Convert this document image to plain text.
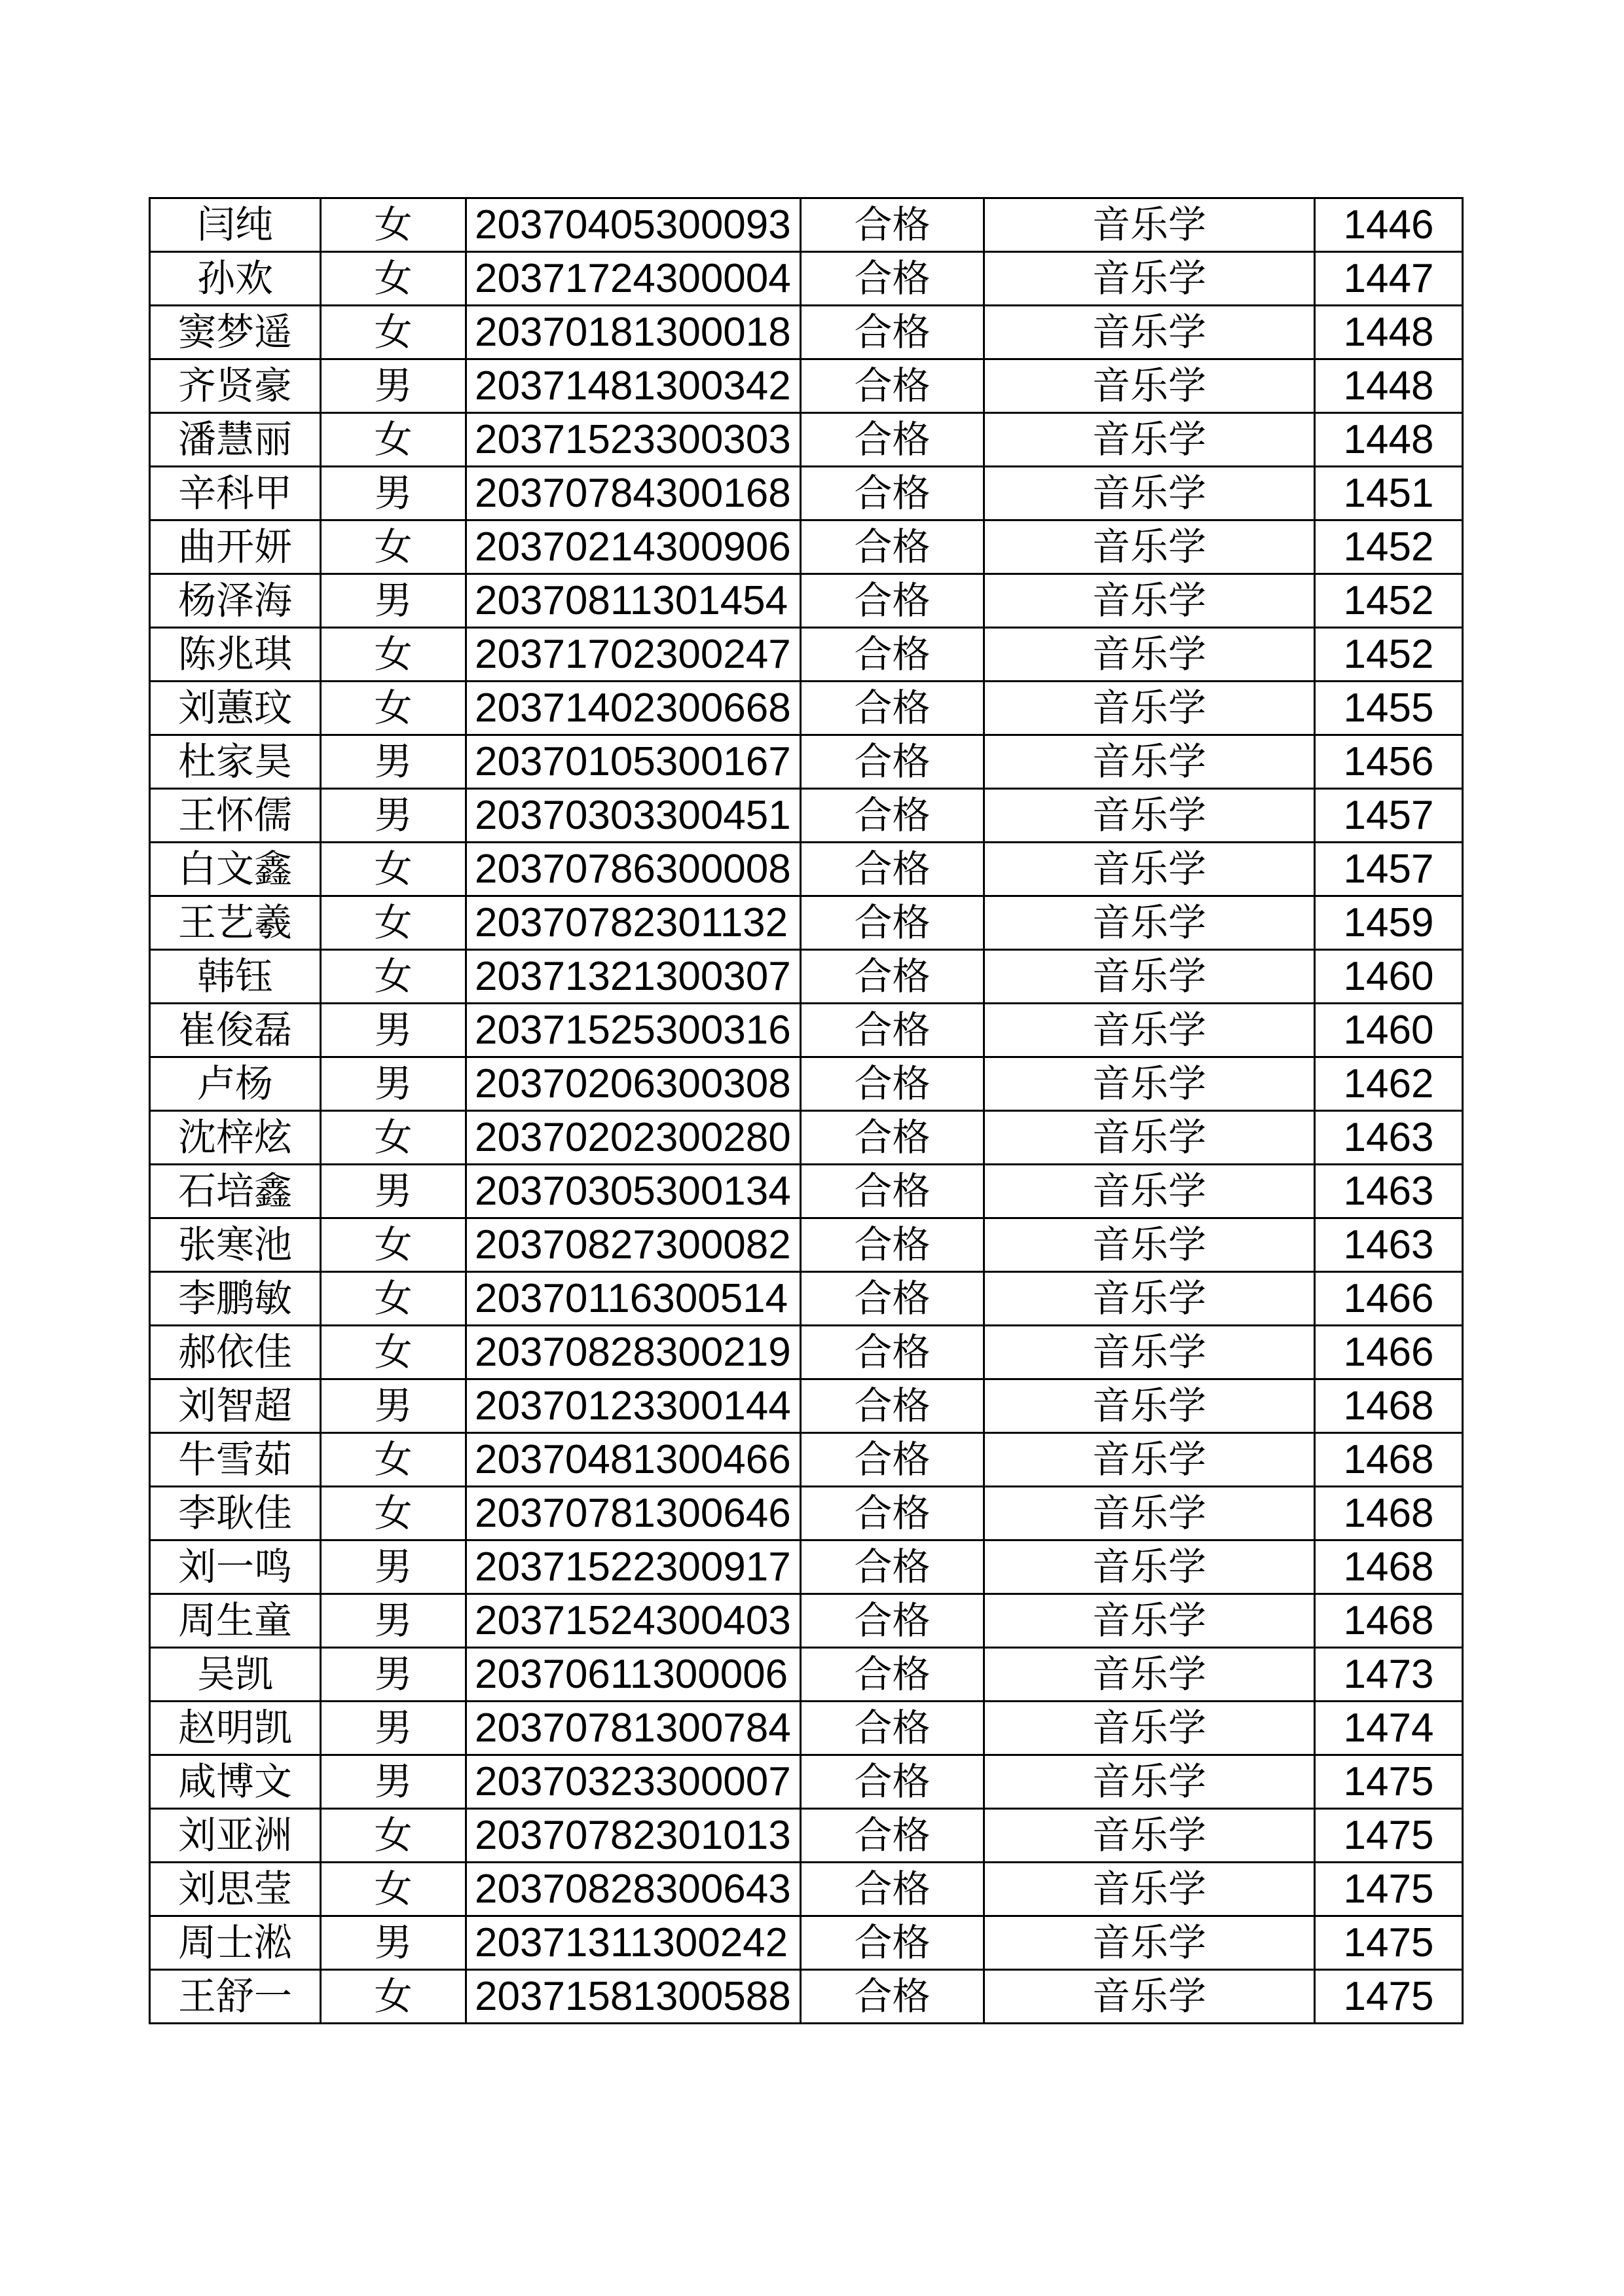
闫纯	女	20370405300093	合格	音乐学	1446
孙欢	女	20371724300004	合格	音乐学	1447
窦梦遥	女	20370181300018	合格	音乐学	1448
齐贤豪	男	20371481300342	合格	音乐学	1448
潘慧丽	女	20371523300303	合格	音乐学	1448
辛科甲	男	20370784300168	合格	音乐学	1451
曲开妍	女	20370214300906	合格	音乐学	1452
杨泽海	男	20370811301454	合格	音乐学	1452
陈兆琪	女	20371702300247	合格	音乐学	1452
刘蕙玟	女	20371402300668	合格	音乐学	1455
杜家昊	男	20370105300167	合格	音乐学	1456
王怀儒	男	20370303300451	合格	音乐学	1457
白文鑫	女	20370786300008	合格	音乐学	1457
王艺羲	女	20370782301132	合格	音乐学	1459
韩钰	女	20371321300307	合格	音乐学	1460
崔俊磊	男	20371525300316	合格	音乐学	1460
卢杨	男	20370206300308	合格	音乐学	1462
沈梓炫	女	20370202300280	合格	音乐学	1463
石培鑫	男	20370305300134	合格	音乐学	1463
张寒池	女	20370827300082	合格	音乐学	1463
李鹏敏	女	20370116300514	合格	音乐学	1466
郝依佳	女	20370828300219	合格	音乐学	1466
刘智超	男	20370123300144	合格	音乐学	1468
牛雪茹	女	20370481300466	合格	音乐学	1468
李耿佳	女	20370781300646	合格	音乐学	1468
刘一鸣	男	20371522300917	合格	音乐学	1468
周生童	男	20371524300403	合格	音乐学	1468
吴凯	男	20370611300006	合格	音乐学	1473
赵明凯	男	20370781300784	合格	音乐学	1474
咸博文	男	20370323300007	合格	音乐学	1475
刘亚洲	女	20370782301013	合格	音乐学	1475
刘思莹	女	20370828300643	合格	音乐学	1475
周士淞	男	20371311300242	合格	音乐学	1475
王舒一	女	20371581300588	合格	音乐学	1475
